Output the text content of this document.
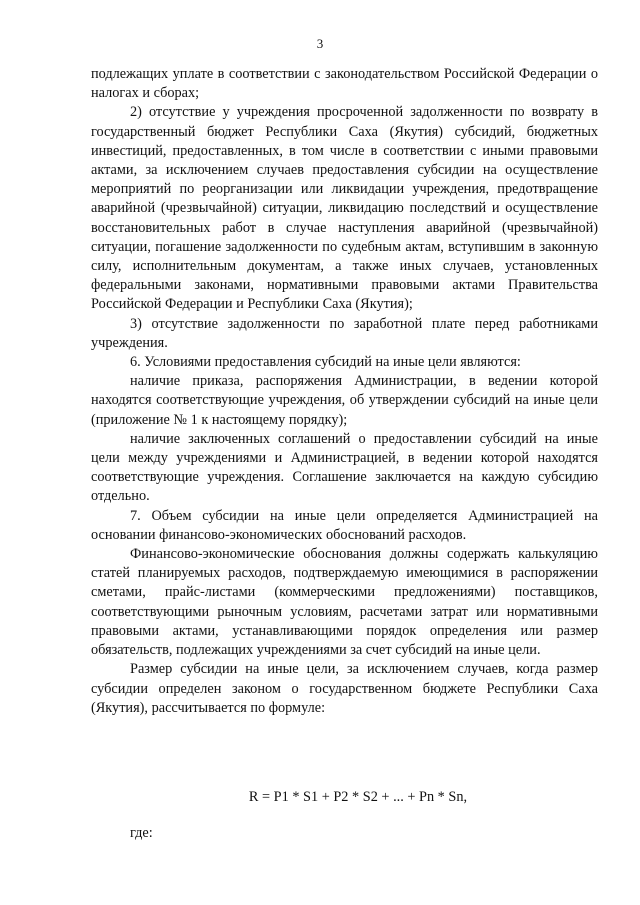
3

подлежащих уплате в соответствии с законодательством Российской Федерации о налогах и сборах;

2) отсутствие у учреждения просроченной задолженности по возврату в государственный бюджет Республики Саха (Якутия) субсидий, бюджетных инвестиций, предоставленных, в том числе в соответствии с иными правовыми актами, за исключением случаев предоставления субсидии на осуществление мероприятий по реорганизации или ликвидации учреждения, предотвращение аварийной (чрезвычайной) ситуации, ликвидацию последствий и осуществление восстановительных работ в случае наступления аварийной (чрезвычайной) ситуации, погашение задолженности по судебным актам, вступившим в законную силу, исполнительным документам, а также иных случаев, установленных федеральными законами, нормативными правовыми актами Правительства Российской Федерации и Республики Саха (Якутия);

3) отсутствие задолженности по заработной плате перед работниками учреждения.

6. Условиями предоставления субсидий на иные цели являются:

наличие приказа, распоряжения Администрации, в ведении которой находятся соответствующие учреждения, об утверждении субсидий на иные цели (приложение № 1 к настоящему порядку);

наличие заключенных соглашений о предоставлении субсидий на иные цели между учреждениями и Администрацией, в ведении которой находятся соответствующие учреждения. Соглашение заключается на каждую субсидию отдельно.

7. Объем субсидии на иные цели определяется Администрацией на основании финансово-экономических обоснований расходов.

Финансово-экономические обоснования должны содержать калькуляцию статей планируемых расходов, подтверждаемую имеющимися в распоряжении сметами, прайс-листами (коммерческими предложениями) поставщиков, соответствующими рыночным условиям, расчетами затрат или нормативными правовыми актами, устанавливающими порядок определения или размер обязательств, подлежащих учреждениями за счет субсидий на иные цели.

Размер субсидии на иные цели, за исключением случаев, когда размер субсидии определен законом о государственном бюджете Республики Саха (Якутия), рассчитывается по формуле:

R = P1 * S1 + P2 * S2 + ... + Pn * Sn,
где:
